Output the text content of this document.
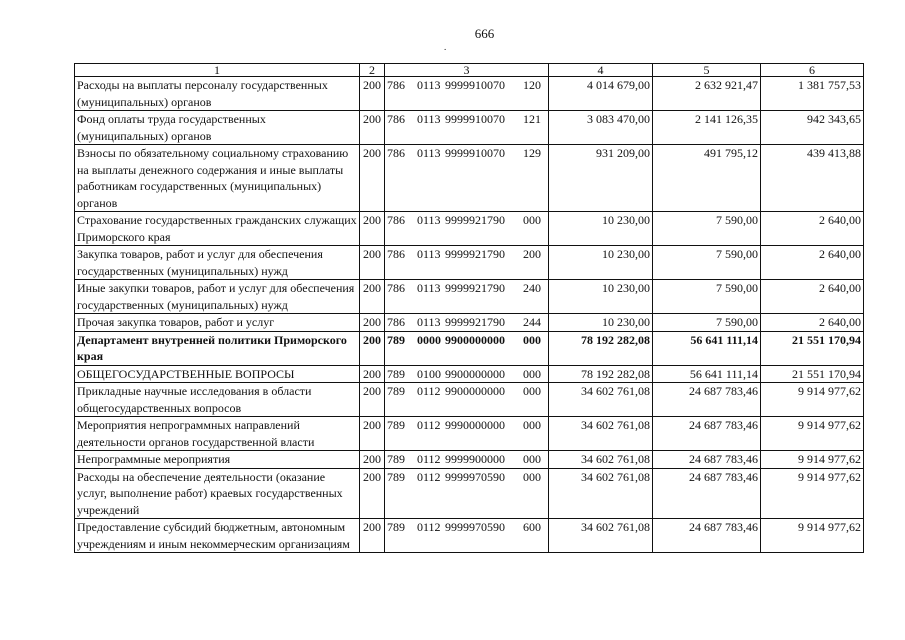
666
.
1	2	3	4	5	6
Расходы на выплаты персоналу государственных (муниципальных) органов	200	786 0113 9999910070 120	4 014 679,00	2 632 921,47	1 381 757,53
Фонд оплаты труда государственных (муниципальных) органов	200	786 0113 9999910070 121	3 083 470,00	2 141 126,35	942 343,65
Взносы по обязательному социальному страхованию на выплаты денежного содержания и иные выплаты работникам государственных (муниципальных) органов	200	786 0113 9999910070 129	931 209,00	491 795,12	439 413,88
Страхование государственных гражданских служащих Приморского края	200	786 0113 9999921790 000	10 230,00	7 590,00	2 640,00
Закупка товаров, работ и услуг для обеспечения государственных (муниципальных) нужд	200	786 0113 9999921790 200	10 230,00	7 590,00	2 640,00
Иные закупки товаров, работ и услуг для обеспечения государственных (муниципальных) нужд	200	786 0113 9999921790 240	10 230,00	7 590,00	2 640,00
Прочая закупка товаров, работ и услуг	200	786 0113 9999921790 244	10 230,00	7 590,00	2 640,00
Департамент внутренней политики Приморского края	200	789 0000 9900000000 000	78 192 282,08	56 641 111,14	21 551 170,94
ОБЩЕГОСУДАРСТВЕННЫЕ ВОПРОСЫ	200	789 0100 9900000000 000	78 192 282,08	56 641 111,14	21 551 170,94
Прикладные научные исследования в области общегосударственных вопросов	200	789 0112 9900000000 000	34 602 761,08	24 687 783,46	9 914 977,62
Мероприятия непрограммных направлений деятельности органов государственной власти	200	789 0112 9990000000 000	34 602 761,08	24 687 783,46	9 914 977,62
Непрограммные мероприятия	200	789 0112 9999900000 000	34 602 761,08	24 687 783,46	9 914 977,62
Расходы на обеспечение деятельности (оказание услуг, выполнение работ) краевых государственных учреждений	200	789 0112 9999970590 000	34 602 761,08	24 687 783,46	9 914 977,62
Предоставление субсидий бюджетным, автономным учреждениям и иным некоммерческим организациям	200	789 0112 9999970590 600	34 602 761,08	24 687 783,46	9 914 977,62
